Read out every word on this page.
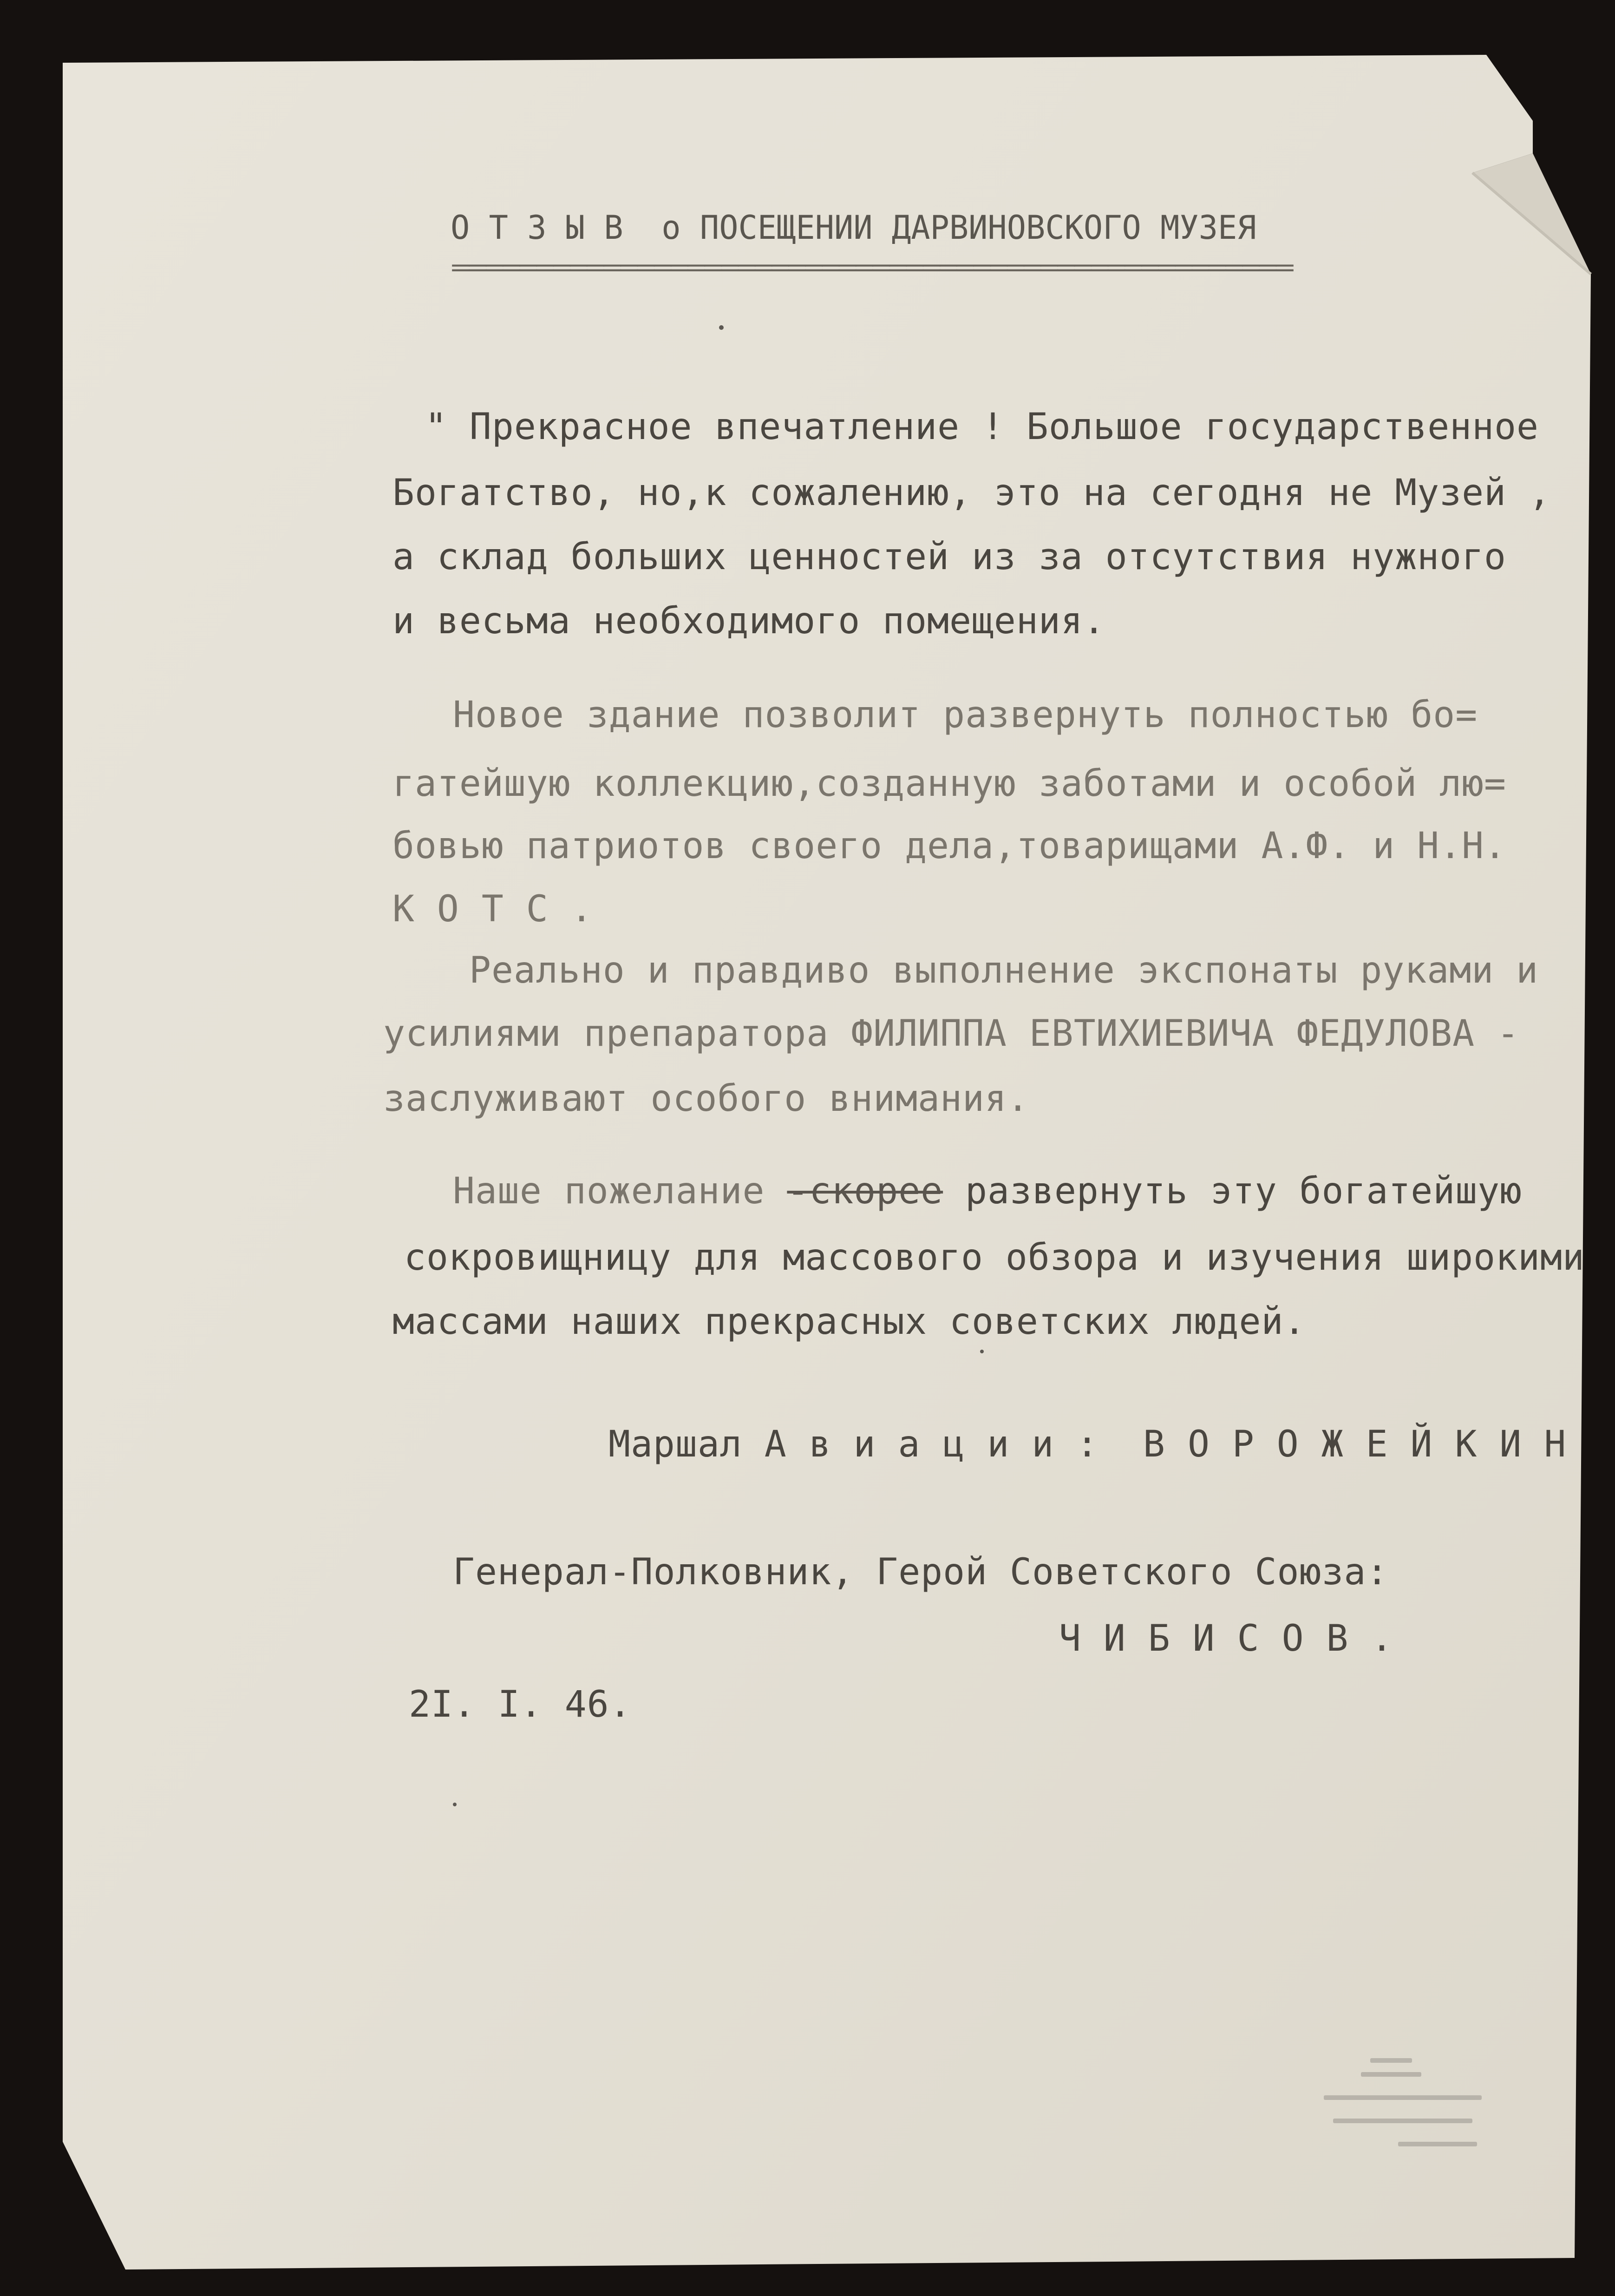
О Т З Ы В  о ПОСЕЩЕНИИ ДАРВИНОВСКОГО МУЗЕЯ
==================================================
" Прекрасное впечатление ! Большое государственное
Богатство, но,к сожалению, это на сегодня не Музей ,
а склад больших ценностей из за отсутствия нужного
и весьма необходимого помещения.
Новое здание позволит развернуть полностью бо=
гатейшую коллекцию,созданную заботами и особой лю=
бовью патриотов своего дела,товарищами А.Ф. и Н.Н.
К О Т С .
Реально и правдиво выполнение экспонаты руками и
усилиями препаратора ФИЛИППА ЕВТИХИЕВИЧА ФЕДУЛОВА -
заслуживают особого внимания.
Наше пожелание -скорее развернуть эту богатейшую
сокровищницу для массового обзора и изучения широкими
массами наших прекрасных советских людей.
Маршал А в и а ц и и :  В О Р О Ж Е Й К И Н
Генерал-Полковник, Герой Советского Союза:
Ч И Б И С О В .
2I. I. 46.
